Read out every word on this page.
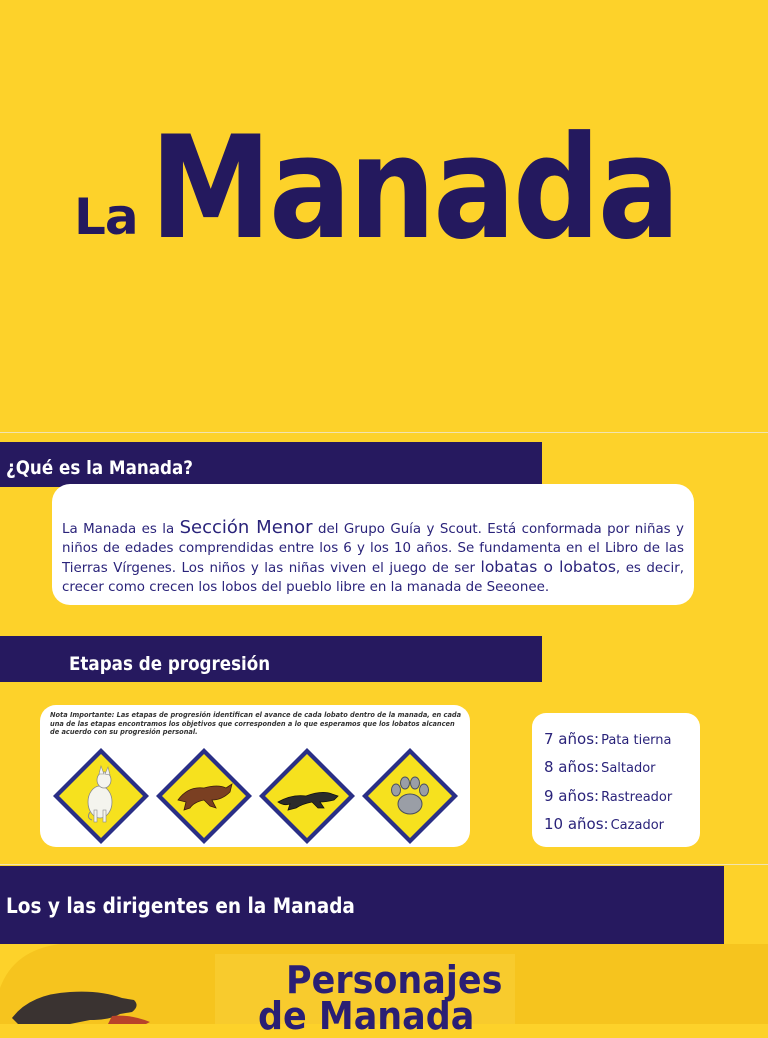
La Manada
¿Qué es la Manada?
La Manada es la Sección Menor del Grupo Guía y Scout. Está conformada por niñas y niños de edades comprendidas entre los 6 y los 10 años. Se fundamenta en el Libro de las Tierras Vírgenes. Los niños y las niñas viven el juego de ser lobatas o lobatos, es decir, crecer como crecen los lobos del pueblo libre en la manada de Seeonee.
Etapas de progresión
Nota Importante: Las etapas de progresión identifican el avance de cada lobato dentro de la manada, en cada una de las etapas encontramos los objetivos que corresponden a lo que esperamos que los lobatos alcancen de acuerdo con su progresión personal.	7 años: Pata tierna
8 años: Saltador
9 años: Rastreador
10 años: Cazador
Los y las dirigentes en la Manada
Personajes
de Manada
